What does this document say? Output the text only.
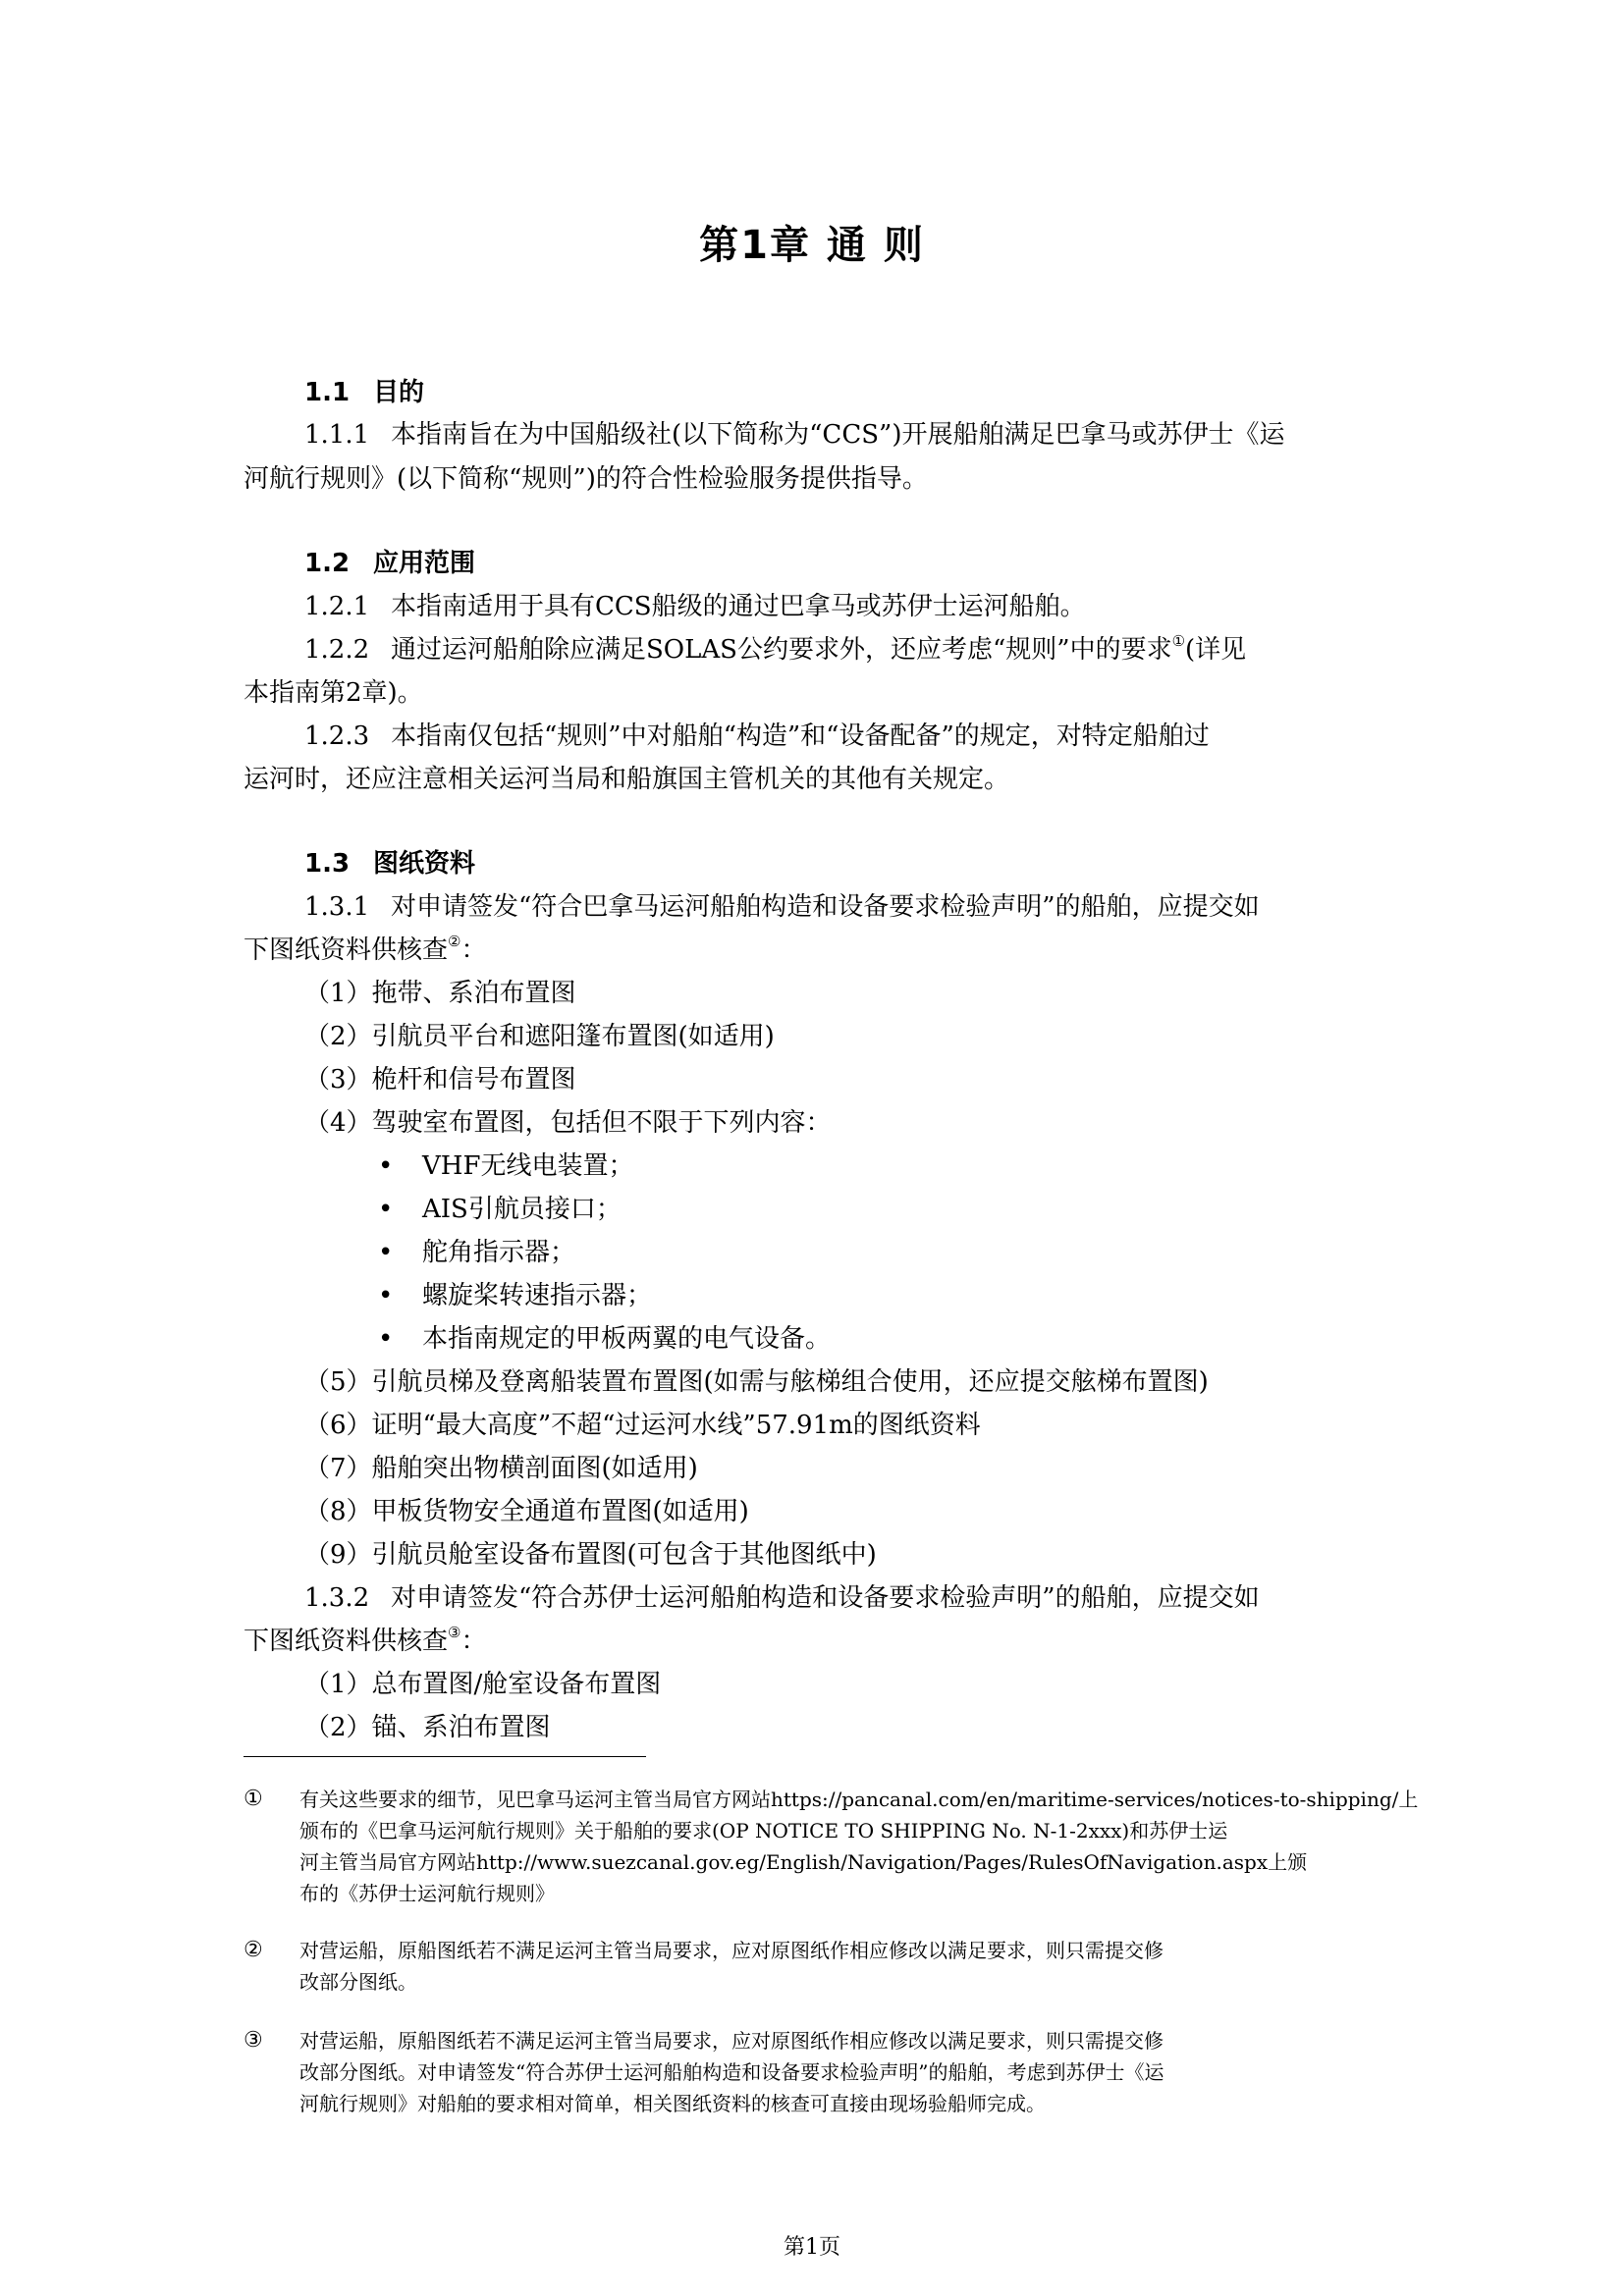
第1章 通 则
1.1 目的
1.1.1 本指南旨在为中国船级社(以下简称为“CCS”)开展船舶满足巴拿马或苏伊士《运
河航行规则》(以下简称“规则”)的符合性检验服务提供指导。
1.2 应用范围
1.2.1 本指南适用于具有CCS船级的通过巴拿马或苏伊士运河船舶。
1.2.2 通过运河船舶除应满足SOLAS公约要求外，还应考虑“规则”中的要求①(详见
本指南第2章)。
1.2.3 本指南仅包括“规则”中对船舶“构造”和“设备配备”的规定，对特定船舶过
运河时，还应注意相关运河当局和船旗国主管机关的其他有关规定。
1.3 图纸资料
1.3.1 对申请签发“符合巴拿马运河船舶构造和设备要求检验声明”的船舶，应提交如
下图纸资料供核查②：
（1）拖带、系泊布置图
（2）引航员平台和遮阳篷布置图(如适用)
（3）桅杆和信号布置图
（4）驾驶室布置图，包括但不限于下列内容：
• VHF无线电装置；
• AIS引航员接口；
• 舵角指示器；
• 螺旋桨转速指示器；
• 本指南规定的甲板两翼的电气设备。
（5）引航员梯及登离船装置布置图(如需与舷梯组合使用，还应提交舷梯布置图)
（6）证明“最大高度”不超“过运河水线”57.91m的图纸资料
（7）船舶突出物横剖面图(如适用)
（8）甲板货物安全通道布置图(如适用)
（9）引航员舱室设备布置图(可包含于其他图纸中)
1.3.2 对申请签发“符合苏伊士运河船舶构造和设备要求检验声明”的船舶，应提交如
下图纸资料供核查③：
（1）总布置图/舱室设备布置图
（2）锚、系泊布置图
① 有关这些要求的细节，见巴拿马运河主管当局官方网站https://pancanal.com/en/maritime-services/notices-to-shipping/上
颁布的《巴拿马运河航行规则》关于船舶的要求(OP NOTICE TO SHIPPING No. N-1-2xxx)和苏伊士运
河主管当局官方网站http://www.suezcanal.gov.eg/English/Navigation/Pages/RulesOfNavigation.aspx上颁
布的《苏伊士运河航行规则》
② 对营运船，原船图纸若不满足运河主管当局要求，应对原图纸作相应修改以满足要求，则只需提交修
改部分图纸。
③ 对营运船，原船图纸若不满足运河主管当局要求，应对原图纸作相应修改以满足要求，则只需提交修
改部分图纸。对申请签发“符合苏伊士运河船舶构造和设备要求检验声明”的船舶，考虑到苏伊士《运
河航行规则》对船舶的要求相对简单，相关图纸资料的核查可直接由现场验船师完成。
第1页
